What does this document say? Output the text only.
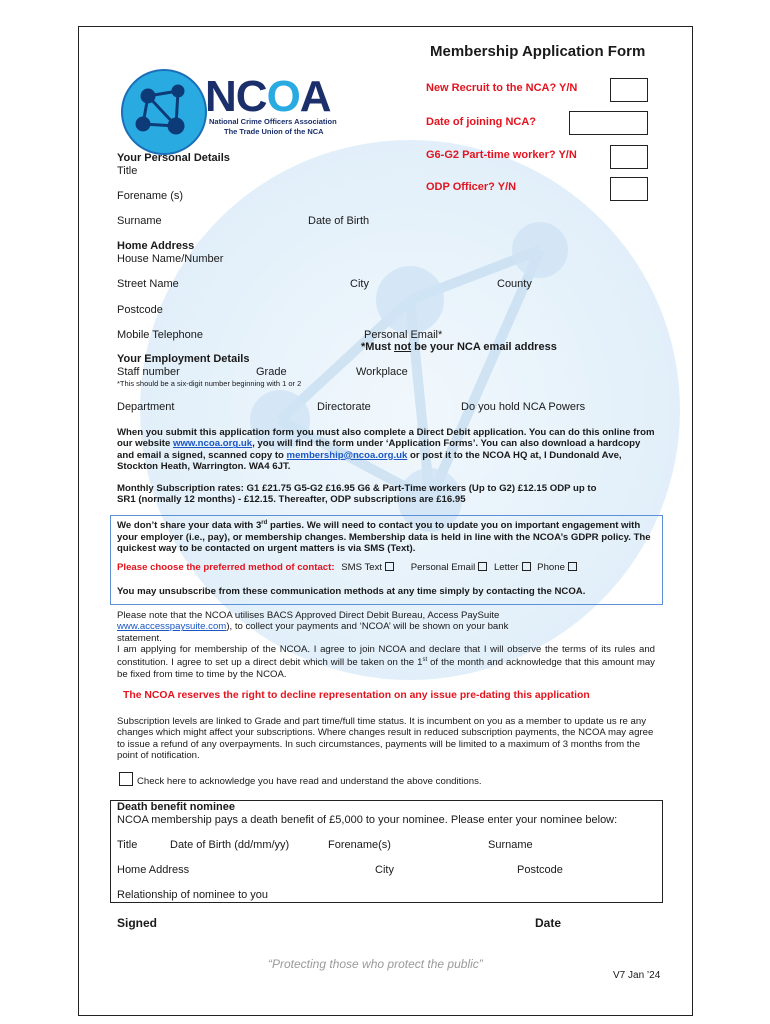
NCOA
National Crime Officers Association
The Trade Union of the NCA
Membership Application Form
New Recruit to the NCA? Y/N
Date of joining NCA?
G6-G2 Part-time worker? Y/N
ODP Officer? Y/N
Your Personal Details
Title
Forename (s)
Surname	Date of Birth
Home Address
House Name/Number
Street Name	City	County
Postcode
Mobile Telephone	Personal Email*
*Must not be your NCA email address
Your Employment Details
Staff number	Grade	Workplace
*This should be a six-digit number beginning with 1 or 2
Department	Directorate	Do you hold NCA Powers
When you submit this application form you must also complete a Direct Debit application. You can do this online from our website www.ncoa.org.uk, you will find the form under ‘Application Forms’. You can also download a hardcopy and email a signed, scanned copy to membership@ncoa.org.uk or post it to the NCOA HQ at, I Dundonald Ave, Stockton Heath, Warrington. WA4 6JT.
Monthly Subscription rates: G1 £21.75 G5-G2 £16.95 G6 & Part-Time workers (Up to G2) £12.15 ODP up to SR1 (normally 12 months) - £12.15. Thereafter, ODP subscriptions are £16.95
We don’t share your data with 3rd parties. We will need to contact you to update you on important engagement with your employer (i.e., pay), or membership changes. Membership data is held in line with the NCOA’s GDPR policy. The quickest way to be contacted on urgent matters is via SMS (Text).
Please choose the preferred method of contact: SMS Text	Personal Email Letter Phone
You may unsubscribe from these communication methods at any time simply by contacting the NCOA.
Please note that the NCOA utilises BACS Approved Direct Debit Bureau, Access PaySuite www.accesspaysuite.com), to collect your payments and ‘NCOA’ will be shown on your bank statement.
I am applying for membership of the NCOA. I agree to join NCOA and declare that I will observe the terms of its rules and constitution. I agree to set up a direct debit which will be taken on the 1st of the month and acknowledge that this amount may be fixed from time to time by the NCOA.
The NCOA reserves the right to decline representation on any issue pre-dating this application
Subscription levels are linked to Grade and part time/full time status. It is incumbent on you as a member to update us re any changes which might affect your subscriptions. Where changes result in reduced subscription payments, the NCOA may agree to issue a refund of any overpayments. In such circumstances, payments will be limited to a maximum of 3 months from the point of notification.
Check here to acknowledge you have read and understand the above conditions.
Death benefit nominee
NCOA membership pays a death benefit of £5,000 to your nominee. Please enter your nominee below:
Title	Date of Birth (dd/mm/yy)	Forename(s)	Surname
Home Address	City	Postcode
Relationship of nominee to you
Signed	Date
“Protecting those who protect the public”
V7 Jan ’24
